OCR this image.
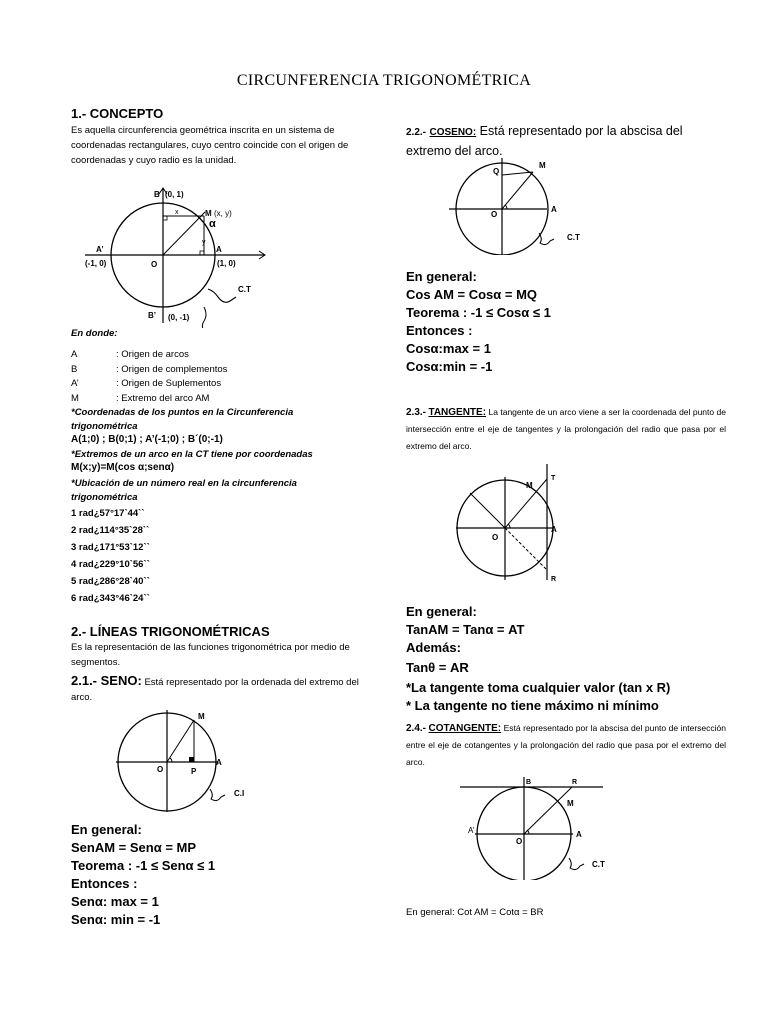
CIRCUNFERENCIA TRIGONOMÉTRICA
1.- CONCEPTO
Es aquella circunferencia geométrica inscrita en un sistema de coordenadas rectangulares, cuyo centro coincide con el origen de coordenadas y cuyo radio es la unidad.
B (0, 1)
x	M (x, y)
α
y
A’
(-1, 0)	O
A
(1, 0)
C.T
B’ (0, -1)
En donde:
A	: Origen de arcos
B	: Origen de complementos
A’	: Origen de Suplementos
M	: Extremo del arco AM
*Coordenadas de los puntos en la Circunferencia trigonométrica
A(1;0) ; B(0;1) ; A’(-1;0) ; B´(0;-1)
*Extremos de un arco en la CT tiene por coordenadas
M(x;y)=M(cos α;senα)
*Ubicación de un número real en la circunferencia trigonométrica
1 rad¿57°17`44``
2 rad¿114°35`28``
3 rad¿171°53`12``
4 rad¿229°10`56``
5 rad¿286°28`40``
6 rad¿343°46`24``
2.- LÍNEAS TRIGONOMÉTRICAS
Es la representación de las funciones trigonométrica por medio de segmentos.
2.1.- SENO: Está representado por la ordenada del extremo del arco.
M
O	P
A
C.I
En general:
SenAM = Senα = MP
Teorema : -1 ≤ Senα ≤ 1
Entonces :
Senα: max = 1
Senα: min = -1
2.2.- COSENO: Está representado por la abscisa del extremo del arco.
M
Q
O
A
C.T
En general:
Cos AM = Cosα = MQ
Teorema : -1 ≤ Cosα ≤ 1
Entonces :
Cosα:max = 1
Cosα:min = -1
2.3.- TANGENTE: La tangente de un arco viene a ser la coordenada del punto de intersección entre el eje de tangentes y la prolongación del radio que pasa por el extremo del arco.
M
T
O
A
R
En general:
TanAM = Tanα = AT
Además:
Tanθ = AR
*La tangente toma cualquier valor (tan x R)
* La tangente no tiene máximo ni mínimo
2.4.- COTANGENTE: Está representado por la abscisa del punto de intersección entre el eje de cotangentes y la prolongación del radio que pasa por el extremo del arco.
B	R
M
A’
O
A
C.T
En general: Cot AM = Cotα = BR
